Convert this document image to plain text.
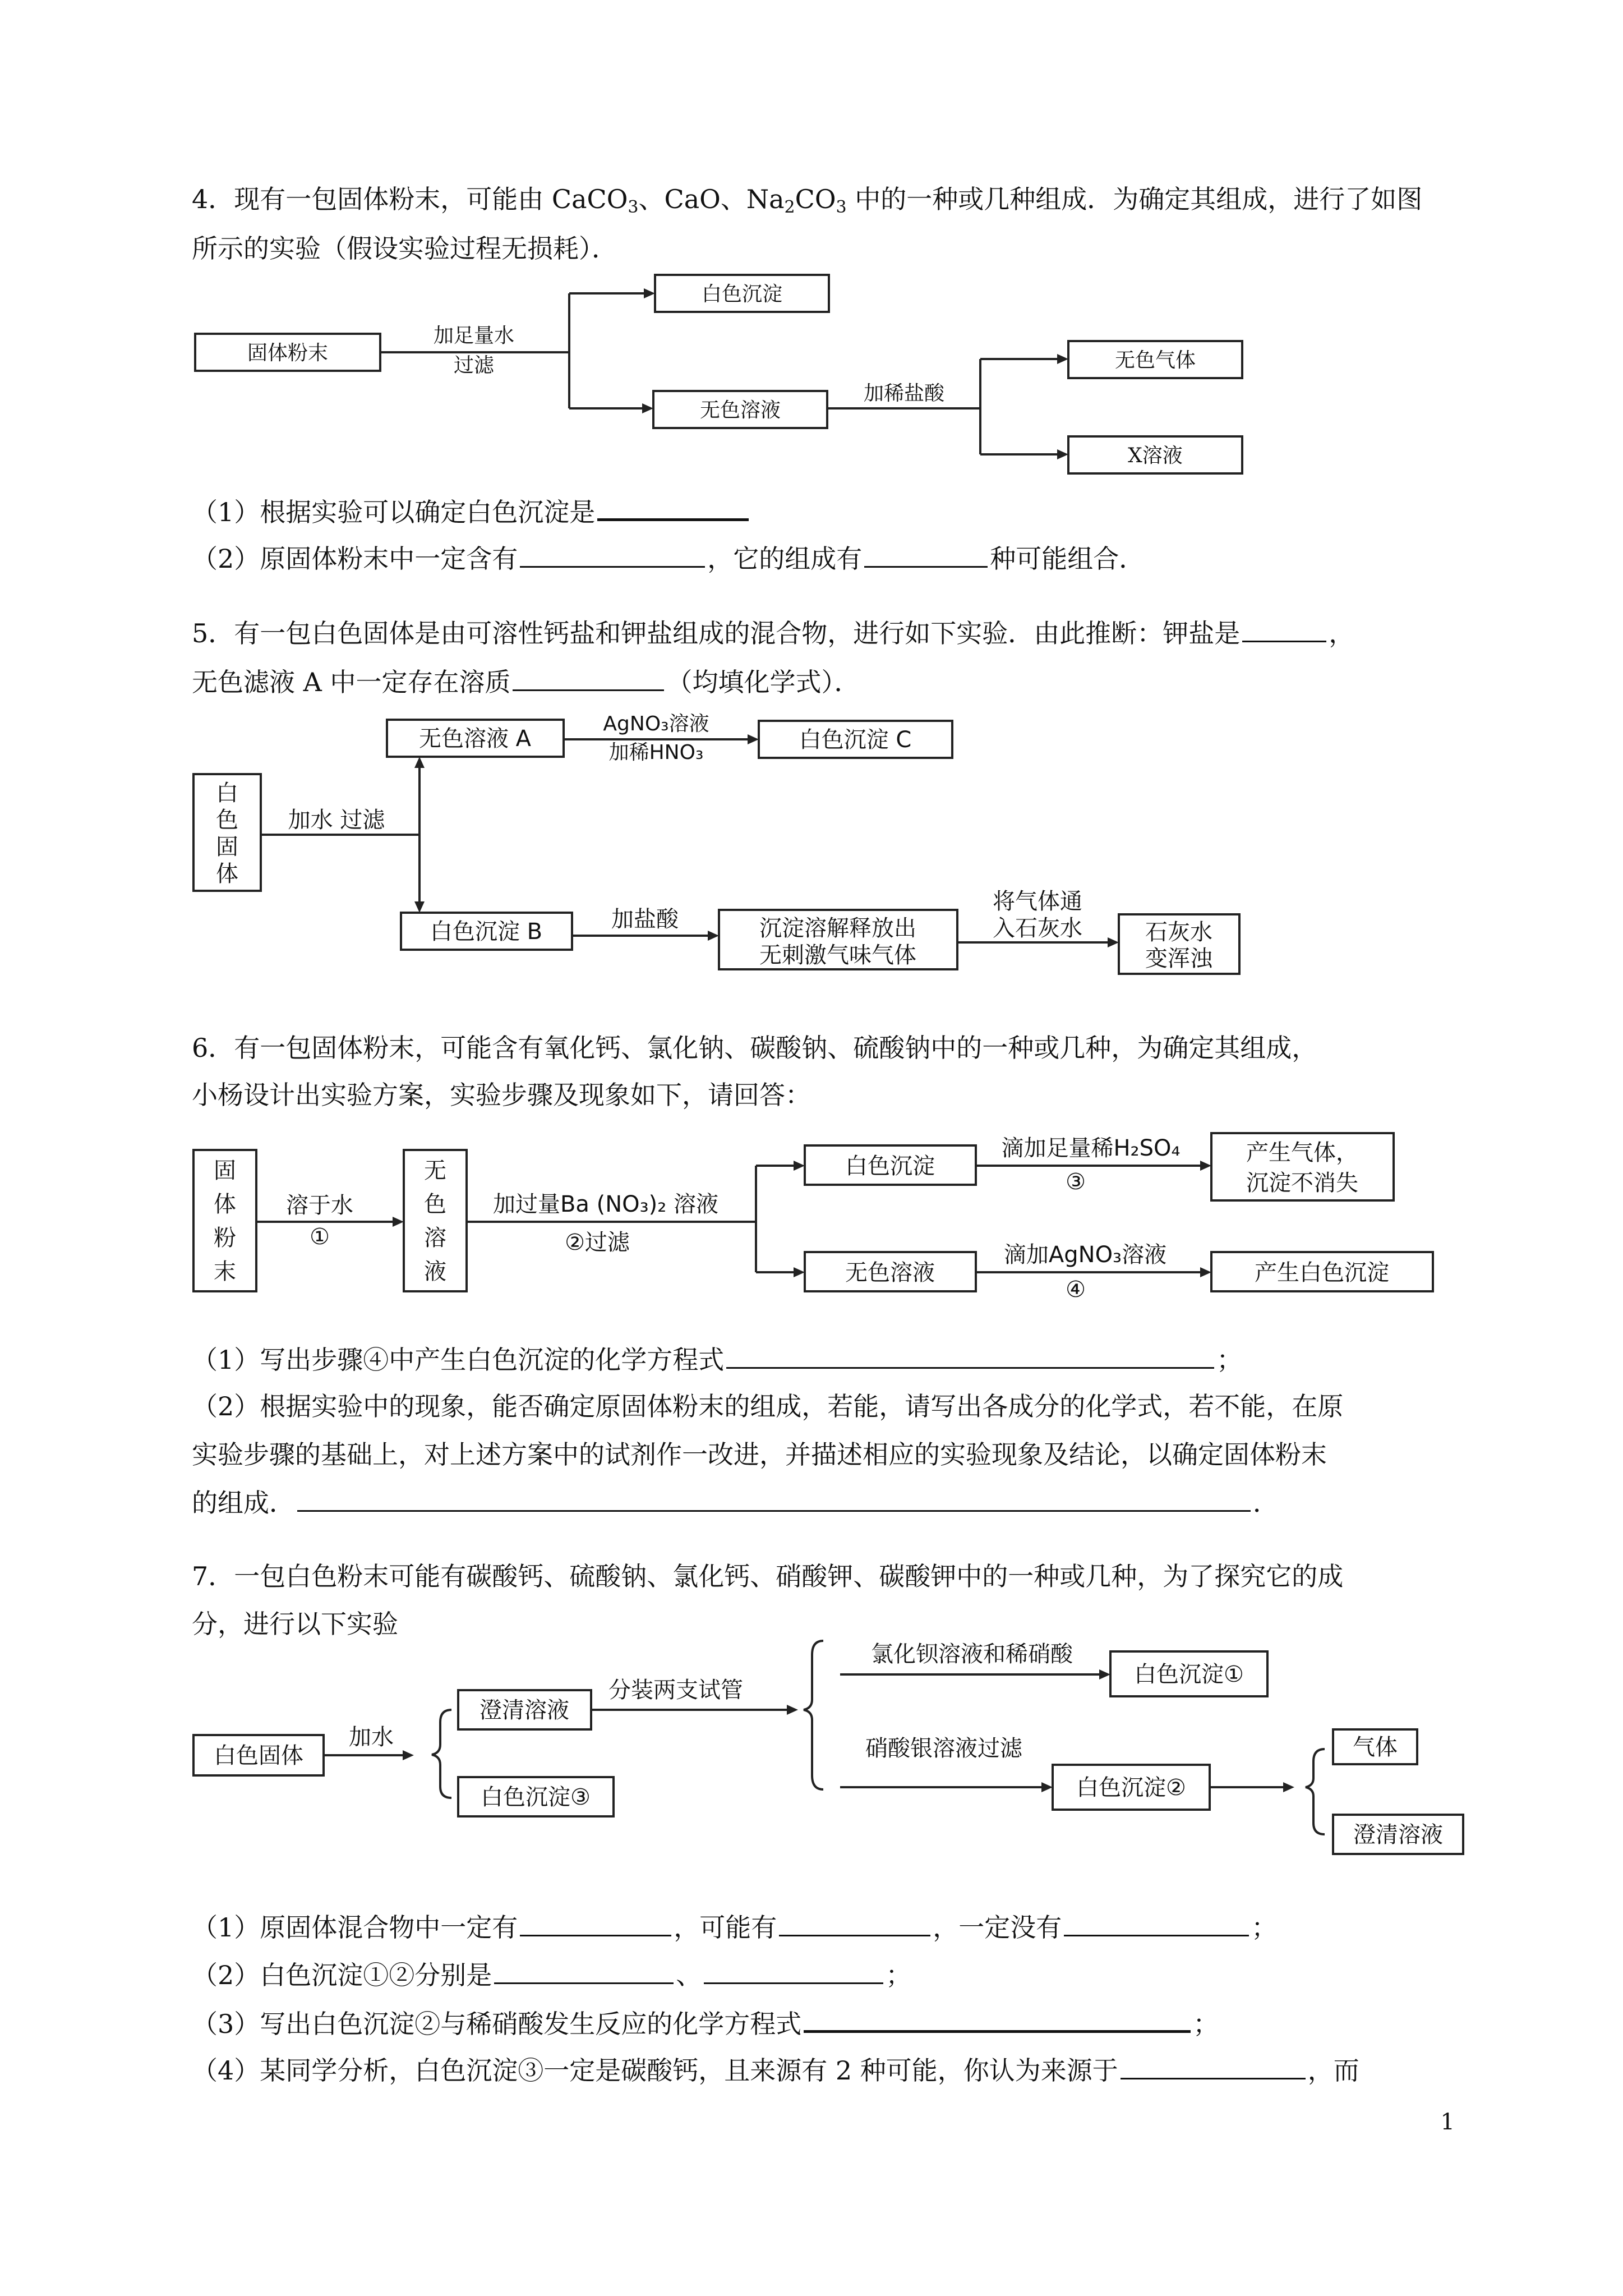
4．现有一包固体粉末，可能由 CaCO$_3$、CaO、$Na_2CO_3$ 中的一种或几种组成．为确定其组成，进行了如图
所示的实验（假设实验过程无损耗）．
固体粉末
加足量水
过滤
白色沉淀
无色溶液
加稀盐酸
无色气体
X溶液
（1）根据实验可以确定白色沉淀是
（2）原固体粉末中一定含有	，它的组成有	种可能组合．
5．有一包白色固体是由可溶性钙盐和钾盐组成的混合物，进行如下实验．由此推断：钾盐是	，
无色滤液 A 中一定存在溶质	（均填化学式）．
白
色
固
体
加水 过滤
无色溶液 A
AgNO₃溶液
加稀HNO₃	白色沉淀 C
白色沉淀 B	加盐酸	沉淀溶解释放出
无刺激气味气体
将气体通
入石灰水	石灰水
变浑浊
6．有一包固体粉末，可能含有氧化钙、氯化钠、碳酸钠、硫酸钠中的一种或几种，为确定其组成，
小杨设计出实验方案，实验步骤及现象如下，请回答：
固
体
粉
末
溶于水
①
无
色
溶
液
加过量Ba (NO₃)₂ 溶液
②过滤
白色沉淀
滴加足量稀H₂SO₄
③
产生气体，
沉淀不消失
无色溶液
滴加AgNO₃溶液
④
产生白色沉淀
（1）写出步骤④中产生白色沉淀的化学方程式	；
（2）根据实验中的现象，能否确定原固体粉末的组成，若能，请写出各成分的化学式，若不能，在原
实验步骤的基础上，对上述方案中的试剂作一改进，并描述相应的实验现象及结论，以确定固体粉末
的组成．	．
7．一包白色粉末可能有碳酸钙、硫酸钠、氯化钙、硝酸钾、碳酸钾中的一种或几种，为了探究它的成
分，进行以下实验
白色固体
加水
澄清溶液
白色沉淀③
分装两支试管
氯化钡溶液和稀硝酸
白色沉淀①
硝酸银溶液过滤
白色沉淀②
气体
澄清溶液
（1）原固体混合物中一定有	，可能有	，一定没有	；
（2）白色沉淀①②分别是	、	；
（3）写出白色沉淀②与稀硝酸发生反应的化学方程式	；
（4）某同学分析，白色沉淀③一定是碳酸钙，且来源有 2 种可能，你认为来源于	，而
1
